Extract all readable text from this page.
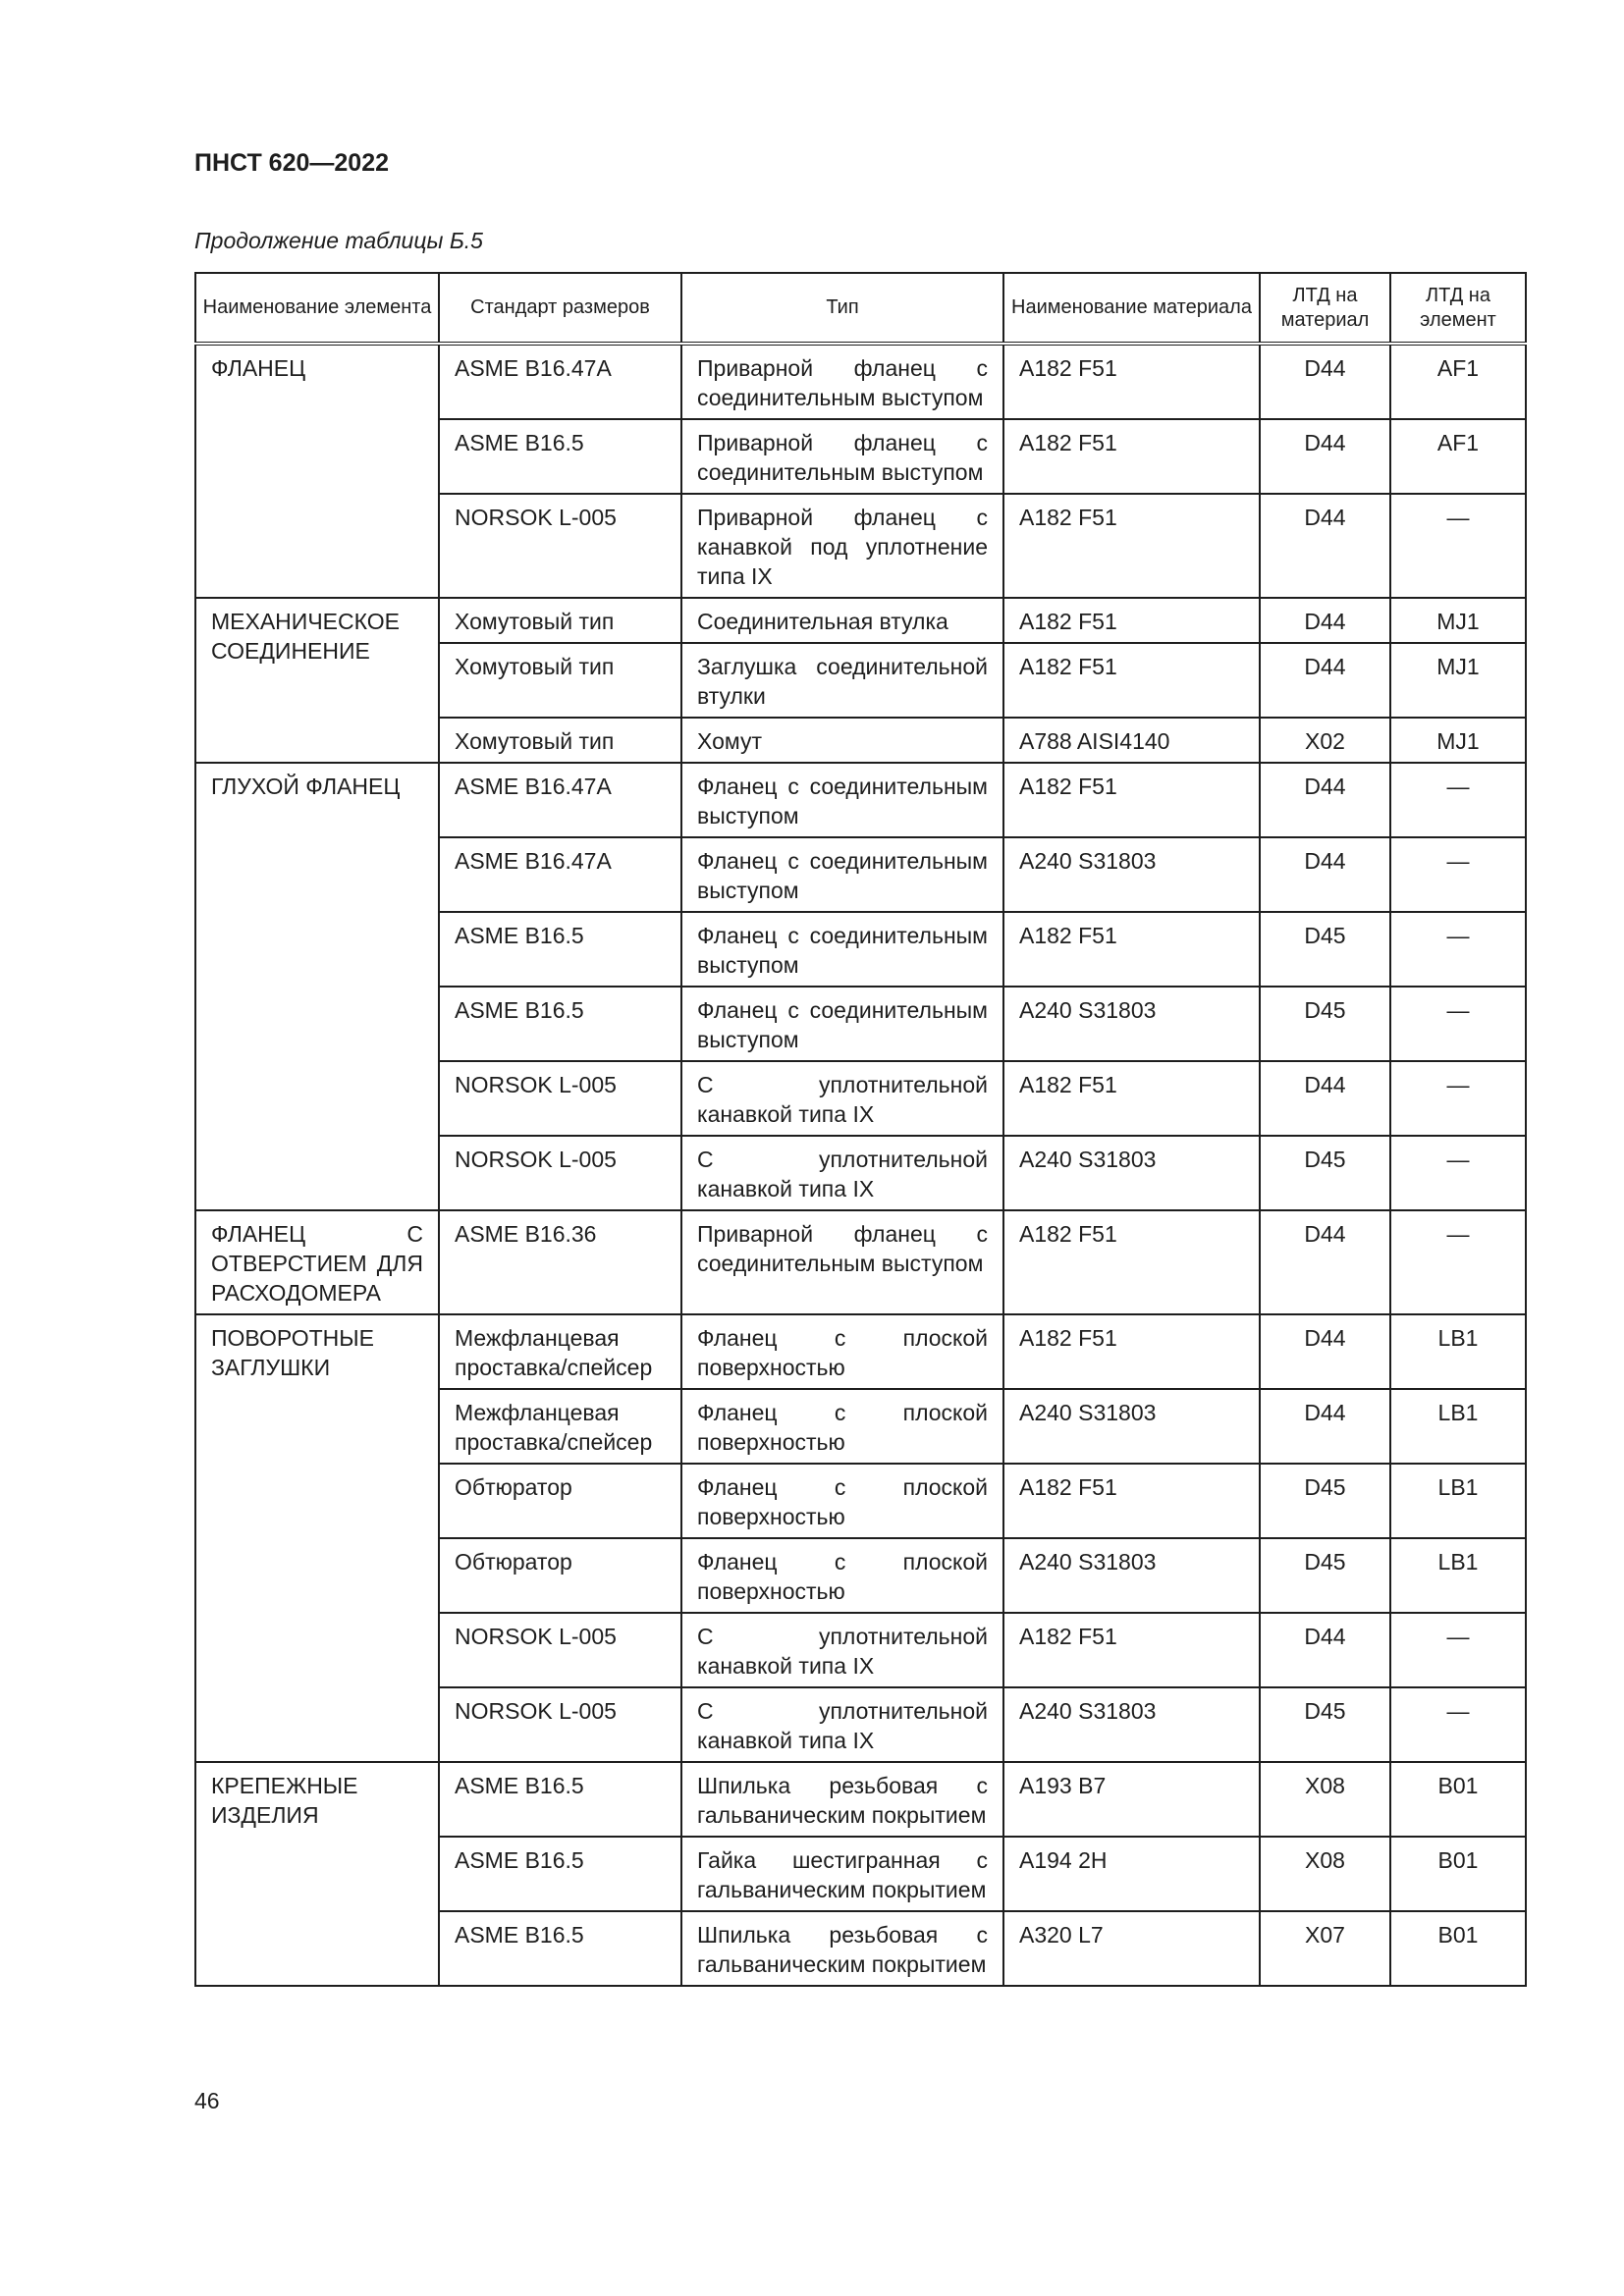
ПНСТ 620—2022
Продолжение таблицы Б.5
Наименование элемента	Стандарт размеров	Тип	Наименование материала	ЛТД на материал	ЛТД на элемент
ФЛАНЕЦ	ASME B16.47A	Приварной фланец с соединительным выступом	A182 F51	D44	AF1
	ASME B16.5	Приварной фланец с соединительным выступом	A182 F51	D44	AF1
	NORSOK L-005	Приварной фланец с канавкой под уплотнение типа IX	A182 F51	D44	—
МЕХАНИЧЕСКОЕ СОЕДИНЕНИЕ	Хомутовый тип	Соединительная втулка	A182 F51	D44	MJ1
	Хомутовый тип	Заглушка соединительной втулки	A182 F51	D44	MJ1
	Хомутовый тип	Хомут	A788 AISI4140	X02	MJ1
ГЛУХОЙ ФЛАНЕЦ	ASME B16.47A	Фланец с соединительным выступом	A182 F51	D44	—
	ASME B16.47A	Фланец с соединительным выступом	A240 S31803	D44	—
	ASME B16.5	Фланец с соединительным выступом	A182 F51	D45	—
	ASME B16.5	Фланец с соединительным выступом	A240 S31803	D45	—
	NORSOK L-005	С уплотнительной канавкой типа IX	A182 F51	D44	—
	NORSOK L-005	С уплотнительной канавкой типа IX	A240 S31803	D45	—
ФЛАНЕЦ С ОТВЕРСТИЕМ ДЛЯ РАСХОДОМЕРА	ASME B16.36	Приварной фланец с соединительным выступом	A182 F51	D44	—
ПОВОРОТНЫЕ ЗАГЛУШКИ	Межфланцевая проставка/спейсер	Фланец с плоской поверхностью	A182 F51	D44	LB1
	Межфланцевая проставка/спейсер	Фланец с плоской поверхностью	A240 S31803	D44	LB1
	Обтюратор	Фланец с плоской поверхностью	A182 F51	D45	LB1
	Обтюратор	Фланец с плоской поверхностью	A240 S31803	D45	LB1
	NORSOK L-005	С уплотнительной канавкой типа IX	A182 F51	D44	—
	NORSOK L-005	С уплотнительной канавкой типа IX	A240 S31803	D45	—
КРЕПЕЖНЫЕ ИЗДЕЛИЯ	ASME B16.5	Шпилька резьбовая с гальваническим покрытием	A193 B7	X08	B01
	ASME B16.5	Гайка шестигранная с гальваническим покрытием	A194 2H	X08	B01
	ASME B16.5	Шпилька резьбовая с гальваническим покрытием	A320 L7	X07	B01
46
